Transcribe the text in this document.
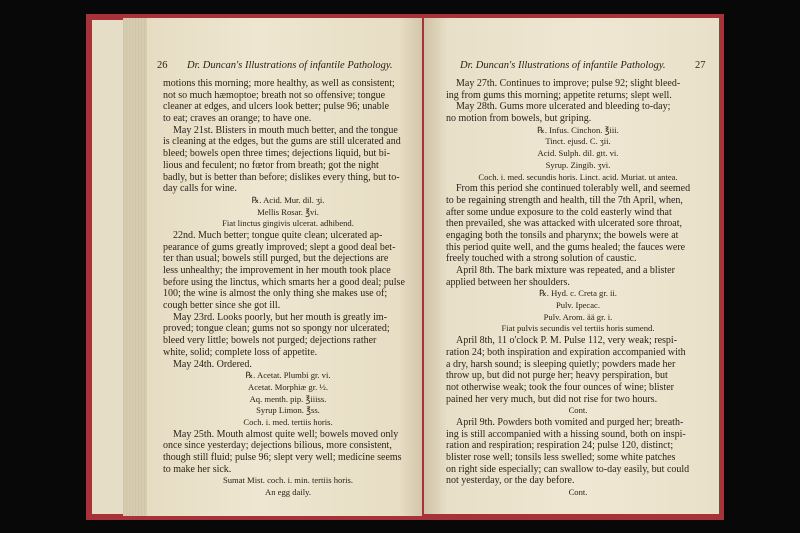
26 Dr. Duncan's Illustrations of infantile Pathology.
motions this morning; more healthy, as well as consistent;
not so much hæmoptoe; breath not so offensive; tongue
cleaner at edges, and ulcers look better; pulse 96; unable
to eat; craves an orange; to have one.
May 21st. Blisters in mouth much better, and the tongue
is cleaning at the edges, but the gums are still ulcerated and
bleed; bowels open three times; dejections liquid, but bi-
lious and feculent; no fœtor from breath; got the night
badly, but is better than before; dislikes every thing, but to-
day calls for wine.
℞. Acid. Mur. dil. ʒi.
Mellis Rosar. ℥vi.
Fiat linctus gingivis ulcerat. adhibend.
22nd. Much better; tongue quite clean; ulcerated ap-
pearance of gums greatly improved; slept a good deal bet-
ter than usual; bowels still purged, but the dejections are
less unhealthy; the improvement in her mouth took place
before using the linctus, which smarts her a good deal; pulse
100; the wine is almost the only thing she makes use of;
cough better since she got ill.
May 23rd. Looks poorly, but her mouth is greatly im-
proved; tongue clean; gums not so spongy nor ulcerated;
bleed very little; bowels not purged; dejections rather
white, solid; complete loss of appetite.
May 24th. Ordered.
℞. Acetat. Plumbi gr. vi.
Acetat. Morphiæ gr. ½.
Aq. menth. pip. ℥iiiss.
Syrup Limon. ℥ss.
Coch. i. med. tertiis horis.
May 25th. Mouth almost quite well; bowels moved only
once since yesterday; dejections bilious, more consistent,
though still fluid; pulse 96; slept very well; medicine seems
to make her sick.
Sumat Mist. coch. i. min. tertiis horis.
An egg daily.
Dr. Duncan's Illustrations of infantile Pathology.	27
May 27th. Continues to improve; pulse 92; slight bleed-
ing from gums this morning; appetite returns; slept well.
May 28th. Gums more ulcerated and bleeding to-day;
no motion from bowels, but griping.
℞. Infus. Cinchon. ℥iii.
Tinct. ejusd. C. ʒii.
Acid. Sulph. dil. gtt. vi.
Syrup. Zingib. ʒvi.
Coch. i. med. secundis horis. Linct. acid. Muriat. ut antea.
From this period she continued tolerably well, and seemed
to be regaining strength and health, till the 7th April, when,
after some undue exposure to the cold easterly wind that
then prevailed, she was attacked with ulcerated sore throat,
engaging both the tonsils and pharynx; the bowels were at
this period quite well, and the gums healed; the fauces were
freely touched with a strong solution of caustic.
April 8th. The bark mixture was repeated, and a blister
applied between her shoulders.
℞. Hyd. c. Creta gr. ii.
Pulv. Ipecac.
Pulv. Arom. ää gr. i.
Fiat pulvis secundis vel tertiis horis sumend.
April 8th, 11 o'clock P. M. Pulse 112, very weak; respi-
ration 24; both inspiration and expiration accompanied with
a dry, harsh sound; is sleeping quietly; powders made her
throw up, but did not purge her; heavy perspiration, but
not otherwise weak; took the four ounces of wine; blister
pained her very much, but did not rise for two hours.
Cont.
April 9th. Powders both vomited and purged her; breath-
ing is still accompanied with a hissing sound, both on inspi-
ration and respiration; respiration 24; pulse 120, distinct;
blister rose well; tonsils less swelled; some white patches
on right side especially; can swallow to-day easily, but could
not yesterday, or the day before.
Cont.
